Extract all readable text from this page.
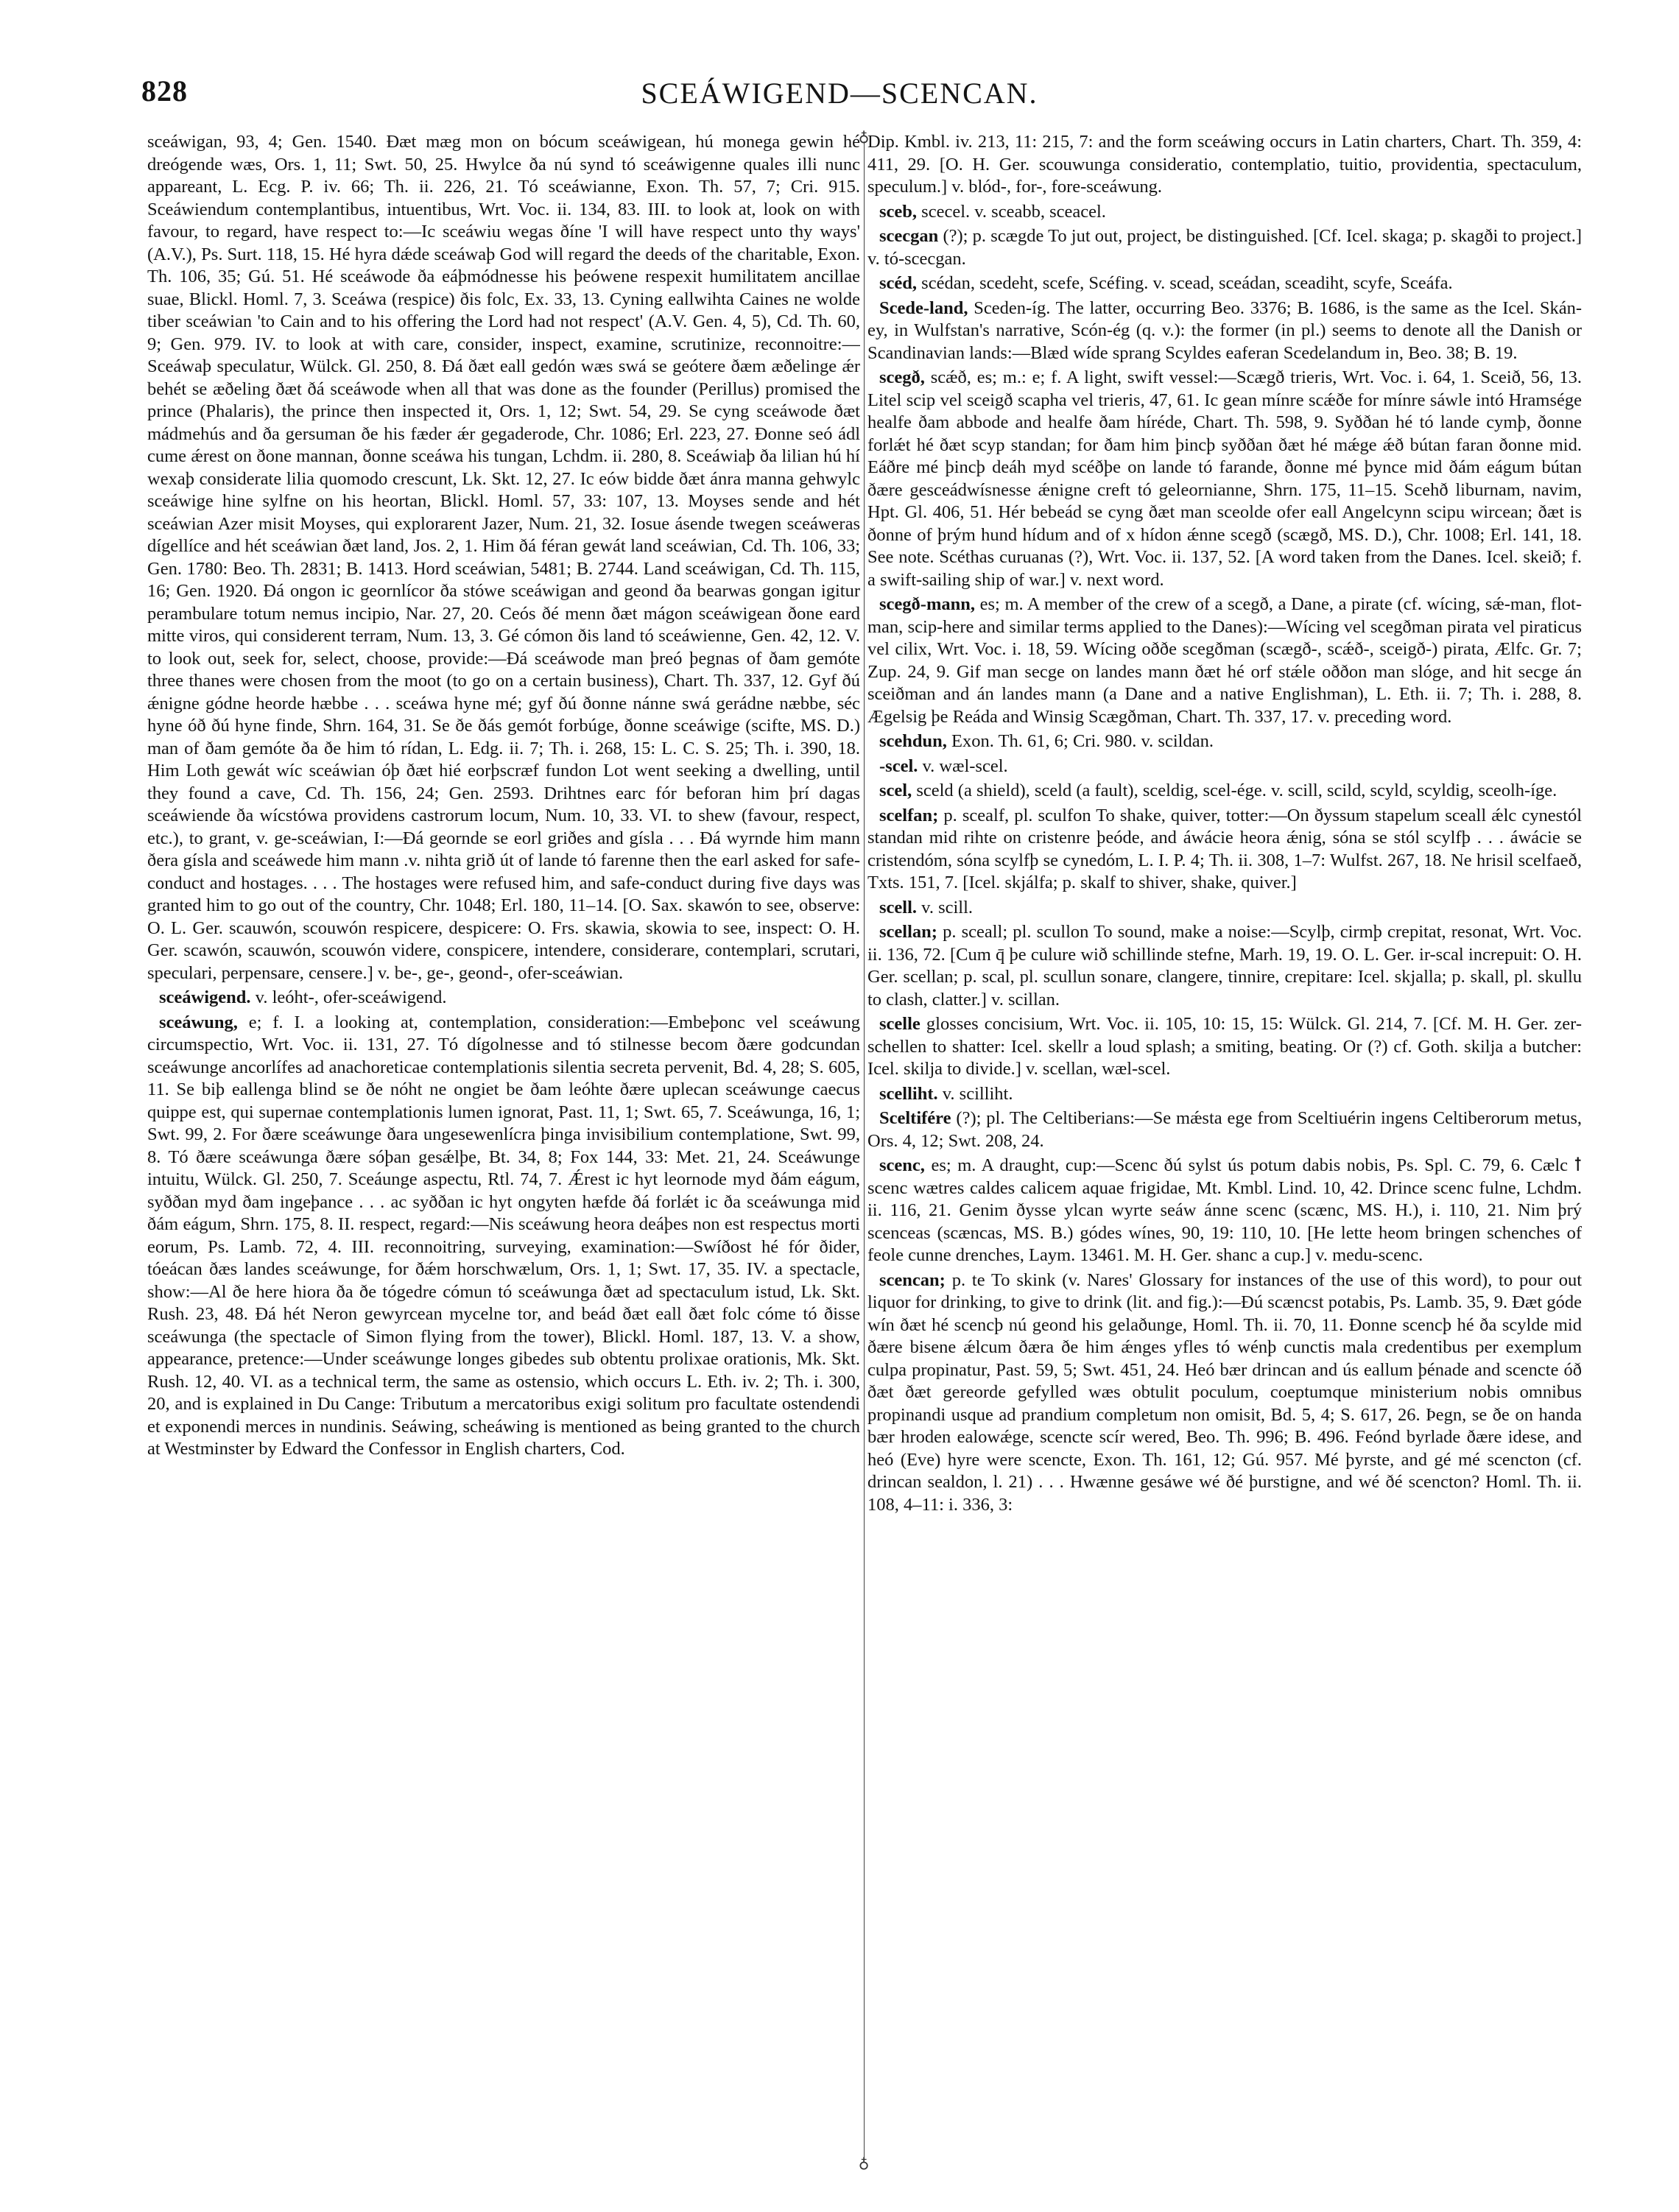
828	SCEÁWIGEND—SCENCAN.
♁
♁

sceáwigan, 93, 4; Gen. 1540. Ðæt mæg mon on bócum sceáwigean, hú monega gewin hé dreógende wæs, Ors. 1, 11; Swt. 50, 25. Hwylce ða nú synd tó sceáwigenne quales illi nunc appareant, L. Ecg. P. iv. 66; Th. ii. 226, 21. Tó sceáwianne, Exon. Th. 57, 7; Cri. 915. Sceáwiendum contemplantibus, intuentibus, Wrt. Voc. ii. 134, 83. III. to look at, look on with favour, to regard, have respect to:—Ic sceáwiu wegas ðíne 'I will have respect unto thy ways' (A.V.), Ps. Surt. 118, 15. Hé hyra dǽde sceáwaþ God will regard the deeds of the charitable, Exon. Th. 106, 35; Gú. 51. Hé sceáwode ða eáþmódnesse his þeówene respexit humilitatem ancillae suae, Blickl. Homl. 7, 3. Sceáwa (respice) ðis folc, Ex. 33, 13. Cyning eallwihta Caines ne wolde tiber sceáwian 'to Cain and to his offering the Lord had not respect' (A.V. Gen. 4, 5), Cd. Th. 60, 9; Gen. 979. IV. to look at with care, consider, inspect, examine, scrutinize, reconnoitre:—Sceáwaþ speculatur, Wülck. Gl. 250, 8. Ðá ðæt eall gedón wæs swá se geótere ðæm æðelinge ǽr behét se æðeling ðæt ðá sceáwode when all that was done as the founder (Perillus) promised the prince (Phalaris), the prince then inspected it, Ors. 1, 12; Swt. 54, 29. Se cyng sceáwode ðæt mádmehús and ða gersuman ðe his fæder ǽr gegaderode, Chr. 1086; Erl. 223, 27. Ðonne seó ádl cume ǽrest on ðone mannan, ðonne sceáwa his tungan, Lchdm. ii. 280, 8. Sceáwiaþ ða lilian hú hí wexaþ considerate lilia quomodo crescunt, Lk. Skt. 12, 27. Ic eów bidde ðæt ánra manna gehwylc sceáwige hine sylfne on his heortan, Blickl. Homl. 57, 33: 107, 13. Moyses sende and hét sceáwian Azer misit Moyses, qui explorarent Jazer, Num. 21, 32. Iosue ásende twegen sceáweras dígellíce and hét sceáwian ðæt land, Jos. 2, 1. Him ðá féran gewát land sceáwian, Cd. Th. 106, 33; Gen. 1780: Beo. Th. 2831; B. 1413. Hord sceáwian, 5481; B. 2744. Land sceáwigan, Cd. Th. 115, 16; Gen. 1920. Ðá ongon ic geornlícor ða stówe sceáwigan and geond ða bearwas gongan igitur perambulare totum nemus incipio, Nar. 27, 20. Ceós ðé menn ðæt mágon sceáwigean ðone eard mitte viros, qui considerent terram, Num. 13, 3. Gé cómon ðis land tó sceáwienne, Gen. 42, 12. V. to look out, seek for, select, choose, provide:—Ðá sceáwode man þreó þegnas of ðam gemóte three thanes were chosen from the moot (to go on a certain business), Chart. Th. 337, 12. Gyf ðú ǽnigne gódne heorde hæbbe . . . sceáwa hyne mé; gyf ðú ðonne nánne swá gerádne næbbe, séc hyne óð ðú hyne finde, Shrn. 164, 31. Se ðe ðás gemót forbúge, ðonne sceáwige (scifte, MS. D.) man of ðam gemóte ða ðe him tó rídan, L. Edg. ii. 7; Th. i. 268, 15: L. C. S. 25; Th. i. 390, 18. Him Loth gewát wíc sceáwian óþ ðæt hié eorþscræf fundon Lot went seeking a dwelling, until they found a cave, Cd. Th. 156, 24; Gen. 2593. Drihtnes earc fór beforan him þrí dagas sceáwiende ða wícstówa providens castrorum locum, Num. 10, 33. VI. to shew (favour, respect, etc.), to grant, v. ge-sceáwian, I:—Ðá geornde se eorl griðes and gísla . . . Ðá wyrnde him mann ðera gísla and sceáwede him mann .v. nihta grið út of lande tó farenne then the earl asked for safe-conduct and hostages. . . . The hostages were refused him, and safe-conduct during five days was granted him to go out of the country, Chr. 1048; Erl. 180, 11–14. [O. Sax. skawón to see, observe: O. L. Ger. scauwón, scouwón respicere, despicere: O. Frs. skawia, skowia to see, inspect: O. H. Ger. scawón, scauwón, scouwón videre, conspicere, intendere, considerare, contemplari, scrutari, speculari, perpensare, censere.] v. be-, ge-, geond-, ofer-sceáwian.

sceáwigend. v. leóht-, ofer-sceáwigend.

sceáwung, e; f. I. a looking at, contemplation, consideration:—Embeþonc vel sceáwung circumspectio, Wrt. Voc. ii. 131, 27. Tó dígolnesse and tó stilnesse becom ðære godcundan sceáwunge ancorlífes ad anachoreticae contemplationis silentia secreta pervenit, Bd. 4, 28; S. 605, 11. Se biþ eallenga blind se ðe nóht ne ongiet be ðam leóhte ðære uplecan sceáwunge caecus quippe est, qui supernae contemplationis lumen ignorat, Past. 11, 1; Swt. 65, 7. Sceáwunga, 16, 1; Swt. 99, 2. For ðære sceáwunge ðara ungesewenlícra þinga invisibilium contemplatione, Swt. 99, 8. Tó ðære sceáwunga ðære sóþan gesǽlþe, Bt. 34, 8; Fox 144, 33: Met. 21, 24. Sceáwunge intuitu, Wülck. Gl. 250, 7. Sceáunge aspectu, Rtl. 74, 7. Ǽrest ic hyt leornode myd ðám eágum, syððan myd ðam ingeþance . . . ac syððan ic hyt ongyten hæfde ðá forlǽt ic ða sceáwunga mid ðám eágum, Shrn. 175, 8. II. respect, regard:—Nis sceáwung heora deáþes non est respectus morti eorum, Ps. Lamb. 72, 4. III. reconnoitring, surveying, examination:—Swíðost hé fór ðider, tóeácan ðæs landes sceáwunge, for ðǽm horschwælum, Ors. 1, 1; Swt. 17, 35. IV. a spectacle, show:—Al ðe here hiora ða ðe tógedre cómun tó sceáwunga ðæt ad spectaculum istud, Lk. Skt. Rush. 23, 48. Ðá hét Neron gewyrcean mycelne tor, and beád ðæt eall ðæt folc cóme tó ðisse sceáwunga (the spectacle of Simon flying from the tower), Blickl. Homl. 187, 13. V. a show, appearance, pretence:—Under sceáwunge longes gibedes sub obtentu prolixae orationis, Mk. Skt. Rush. 12, 40. VI. as a technical term, the same as ostensio, which occurs L. Eth. iv. 2; Th. i. 300, 20, and is explained in Du Cange: Tributum a mercatoribus exigi solitum pro facultate ostendendi et exponendi merces in nundinis. Seáwing, scheáwing is mentioned as being granted to the church at Westminster by Edward the Confessor in English charters, Cod.

Dip. Kmbl. iv. 213, 11: 215, 7: and the form sceáwing occurs in Latin charters, Chart. Th. 359, 4: 411, 29. [O. H. Ger. scouwunga consideratio, contemplatio, tuitio, providentia, spectaculum, speculum.] v. blód-, for-, fore-sceáwung.

sceb, scecel. v. sceabb, sceacel.

scecgan (?); p. scægde To jut out, project, be distinguished. [Cf. Icel. skaga; p. skagði to project.] v. tó-scecgan.

scéd, scédan, scedeht, scefe, Scéfing. v. scead, sceádan, sceadiht, scyfe, Sceáfa.

Scede-land, Sceden-íg. The latter, occurring Beo. 3376; B. 1686, is the same as the Icel. Skán-ey, in Wulfstan's narrative, Scón-ég (q. v.): the former (in pl.) seems to denote all the Danish or Scandinavian lands:—Blæd wíde sprang Scyldes eaferan Scedelandum in, Beo. 38; B. 19.

scegð, scǽð, es; m.: e; f. A light, swift vessel:—Scægð trieris, Wrt. Voc. i. 64, 1. Sceið, 56, 13. Litel scip vel sceigð scapha vel trieris, 47, 61. Ic gean mínre scǽðe for mínre sáwle intó Hramsége healfe ðam abbode and healfe ðam híréde, Chart. Th. 598, 9. Syððan hé tó lande cymþ, ðonne forlǽt hé ðæt scyp standan; for ðam him þincþ syððan ðæt hé mǽge ǽð bútan faran ðonne mid. Eáðre mé þincþ deáh myd scéðþe on lande tó farande, ðonne mé þynce mid ðám eágum bútan ðære gesceádwísnesse ǽnigne creft tó geleornianne, Shrn. 175, 11–15. Scehð liburnam, navim, Hpt. Gl. 406, 51. Hér bebeád se cyng ðæt man sceolde ofer eall Angelcynn scipu wircean; ðæt is ðonne of þrým hund hídum and of x hídon ǽnne scegð (scægð, MS. D.), Chr. 1008; Erl. 141, 18. See note. Scéthas curuanas (?), Wrt. Voc. ii. 137, 52. [A word taken from the Danes. Icel. skeið; f. a swift-sailing ship of war.] v. next word.

scegð-mann, es; m. A member of the crew of a scegð, a Dane, a pirate (cf. wícing, sǽ-man, flot-man, scip-here and similar terms applied to the Danes):—Wícing vel scegðman pirata vel piraticus vel cilix, Wrt. Voc. i. 18, 59. Wícing oððe scegðman (scægð-, scǽð-, sceigð-) pirata, Ælfc. Gr. 7; Zup. 24, 9. Gif man secge on landes mann ðæt hé orf stǽle oððon man slóge, and hit secge án sceiðman and án landes mann (a Dane and a native Englishman), L. Eth. ii. 7; Th. i. 288, 8. Ægelsig þe Reáda and Winsig Scægðman, Chart. Th. 337, 17. v. preceding word.

scehdun, Exon. Th. 61, 6; Cri. 980. v. scildan.

-scel. v. wæl-scel.

scel, sceld (a shield), sceld (a fault), sceldig, scel-ége. v. scill, scild, scyld, scyldig, sceolh-íge.

scelfan; p. scealf, pl. sculfon To shake, quiver, totter:—On ðyssum stapelum sceall ǽlc cynestól standan mid rihte on cristenre þeóde, and áwácie heora ǽnig, sóna se stól scylfþ . . . áwácie se cristendóm, sóna scylfþ se cynedóm, L. I. P. 4; Th. ii. 308, 1–7: Wulfst. 267, 18. Ne hrisil scelfaeð, Txts. 151, 7. [Icel. skjálfa; p. skalf to shiver, shake, quiver.]

scell. v. scill.

scellan; p. sceall; pl. scullon To sound, make a noise:—Scylþ, cirmþ crepitat, resonat, Wrt. Voc. ii. 136, 72. [Cum q̄ þe culure wið schillinde stefne, Marh. 19, 19. O. L. Ger. ir-scal increpuit: O. H. Ger. scellan; p. scal, pl. scullun sonare, clangere, tinnire, crepitare: Icel. skjalla; p. skall, pl. skullu to clash, clatter.] v. scillan.

scelle glosses concisium, Wrt. Voc. ii. 105, 10: 15, 15: Wülck. Gl. 214, 7. [Cf. M. H. Ger. zer-schellen to shatter: Icel. skellr a loud splash; a smiting, beating. Or (?) cf. Goth. skilja a butcher: Icel. skilja to divide.] v. scellan, wæl-scel.

scelliht. v. scilliht.

Sceltifére (?); pl. The Celtiberians:—Se mǽsta ege from Sceltiuérin ingens Celtiberorum metus, Ors. 4, 12; Swt. 208, 24.

scenc, es; m. A draught, cup:—Scenc ðú sylst ús potum dabis nobis, Ps. Spl. C. 79, 6. Cælc ꝉ scenc wætres caldes calicem aquae frigidae, Mt. Kmbl. Lind. 10, 42. Drince scenc fulne, Lchdm. ii. 116, 21. Genim ðysse ylcan wyrte seáw ánne scenc (scænc, MS. H.), i. 110, 21. Nim þrý scenceas (scæncas, MS. B.) gódes wínes, 90, 19: 110, 10. [He lette heom bringen schenches of feole cunne drenches, Laym. 13461. M. H. Ger. shanc a cup.] v. medu-scenc.

scencan; p. te To skink (v. Nares' Glossary for instances of the use of this word), to pour out liquor for drinking, to give to drink (lit. and fig.):—Ðú scæncst potabis, Ps. Lamb. 35, 9. Ðæt góde wín ðæt hé scencþ nú geond his gelaðunge, Homl. Th. ii. 70, 11. Ðonne scencþ hé ða scylde mid ðære bisene ǽlcum ðæra ðe him ǽnges yfles tó wénþ cunctis mala credentibus per exemplum culpa propinatur, Past. 59, 5; Swt. 451, 24. Heó bær drincan and ús eallum þénade and scencte óð ðæt ðæt gereorde gefylled wæs obtulit poculum, coeptumque ministerium nobis omnibus propinandi usque ad prandium completum non omisit, Bd. 5, 4; S. 617, 26. Þegn, se ðe on handa bær hroden ealowǽge, scencte scír wered, Beo. Th. 996; B. 496. Feónd byrlade ðære idese, and heó (Eve) hyre were scencte, Exon. Th. 161, 12; Gú. 957. Mé þyrste, and gé mé scencton (cf. drincan sealdon, l. 21) . . . Hwænne gesáwe wé ðé þurstigne, and wé ðé scencton? Homl. Th. ii. 108, 4–11: i. 336, 3:
